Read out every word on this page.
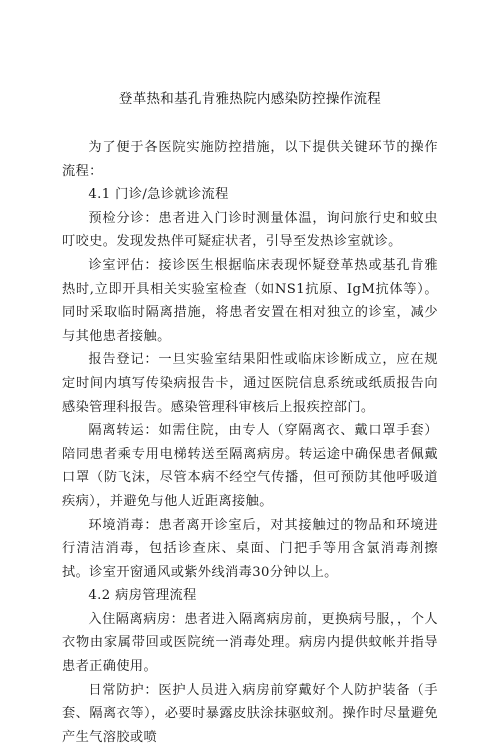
登革热和基孔肯雅热院内感染防控操作流程

为了便于各医院实施防控措施，以下提供关键环节的操作流程：

4.1 门诊/急诊就诊流程

预检分诊：患者进入门诊时测量体温，询问旅行史和蚊虫叮咬史。发现发热伴可疑症状者，引导至发热诊室就诊。

诊室评估：接诊医生根据临床表现怀疑登革热或基孔肯雅热时,立即开具相关实验室检查（如NS1抗原、IgM抗体等）。同时采取临时隔离措施，将患者安置在相对独立的诊室，减少与其他患者接触。

报告登记：一旦实验室结果阳性或临床诊断成立，应在规定时间内填写传染病报告卡，通过医院信息系统或纸质报告向感染管理科报告。感染管理科审核后上报疾控部门。

隔离转运：如需住院，由专人（穿隔离衣、戴口罩手套）陪同患者乘专用电梯转送至隔离病房。转运途中确保患者佩戴口罩（防飞沫，尽管本病不经空气传播，但可预防其他呼吸道疾病），并避免与他人近距离接触。

环境消毒：患者离开诊室后，对其接触过的物品和环境进行清洁消毒，包括诊查床、桌面、门把手等用含氯消毒剂擦拭。诊室开窗通风或紫外线消毒30分钟以上。

4.2 病房管理流程

入住隔离病房：患者进入隔离病房前，更换病号服，，个人衣物由家属带回或医院统一消毒处理。病房内提供蚊帐并指导患者正确使用。

日常防护：医护人员进入病房前穿戴好个人防护装备（手套、隔离衣等），必要时暴露皮肤涂抹驱蚊剂。操作时尽量避免产生气溶胶或喷
